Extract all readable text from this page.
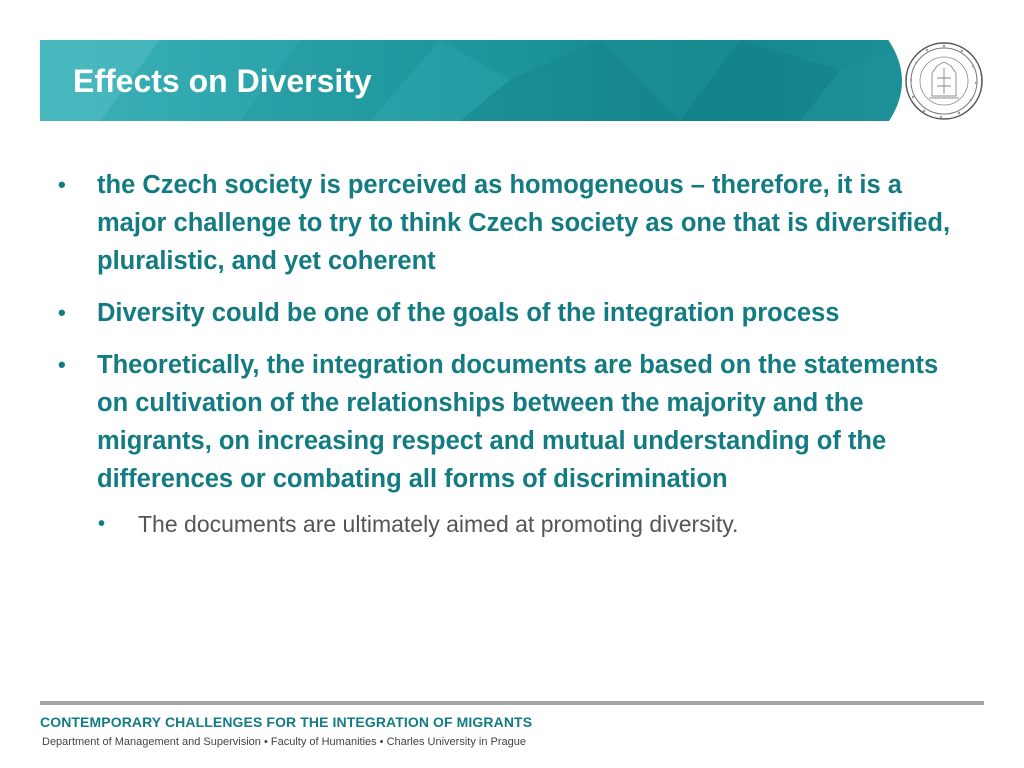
Effects on Diversity
• the Czech society is perceived as homogeneous – therefore, it is a major challenge to try to think Czech society as one that is diversified, pluralistic, and yet coherent
• Diversity could be one of the goals of the integration process
• Theoretically, the integration documents are based on the statements on cultivation of the relationships between the majority and the migrants, on increasing respect and mutual understanding of the differences or combating all forms of discrimination
• The documents are ultimately aimed at promoting diversity.
CONTEMPORARY CHALLENGES FOR THE INTEGRATION OF MIGRANTS
Department of Management and Supervision • Faculty of Humanities • Charles University in Prague
